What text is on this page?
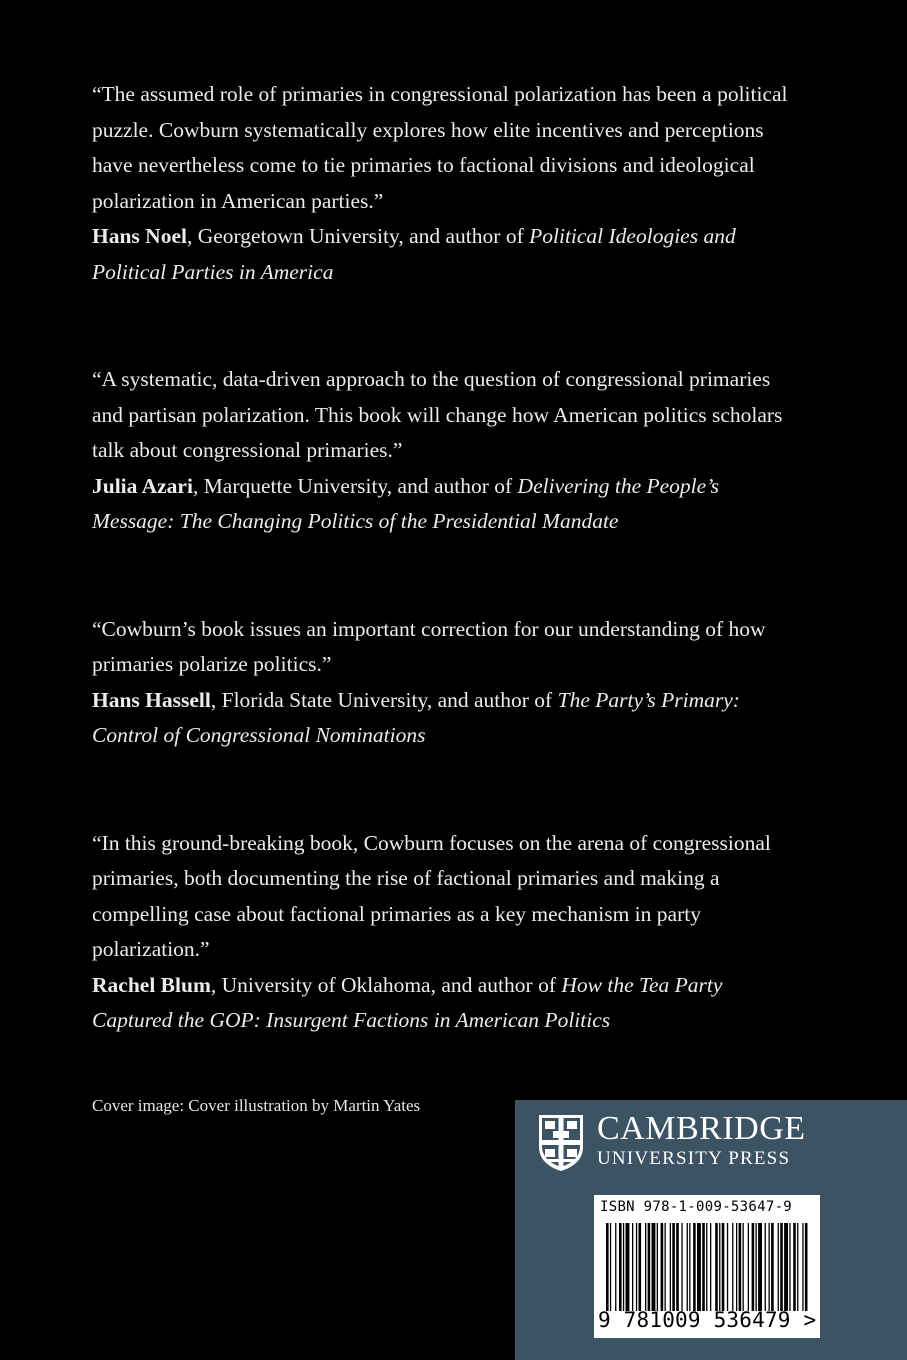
“The assumed role of primaries in congressional polarization has been a political puzzle. Cowburn systematically explores how elite incentives and perceptions have nevertheless come to tie primaries to factional divisions and ideological polarization in American parties.”

Hans Noel, Georgetown University, and author of Political Ideologies and Political Parties in America

“A systematic, data-driven approach to the question of congressional primaries and partisan polarization. This book will change how American politics scholars talk about congressional primaries.”

Julia Azari, Marquette University, and author of Delivering the People’s Message: The Changing Politics of the Presidential Mandate

“Cowburn’s book issues an important correction for our understanding of how primaries polarize politics.”

Hans Hassell, Florida State University, and author of The Party’s Primary: Control of Congressional Nominations

“In this ground-breaking book, Cowburn focuses on the arena of congressional primaries, both documenting the rise of factional primaries and making a compelling case about factional primaries as a key mechanism in party polarization.”

Rachel Blum, University of Oklahoma, and author of How the Tea Party Captured the GOP: Insurgent Factions in American Politics
Cover image: Cover illustration by Martin Yates
CAMBRIDGE
UNIVERSITY PRESS
ISBN 978-1-009-53647-9
9 781009 536479 >
